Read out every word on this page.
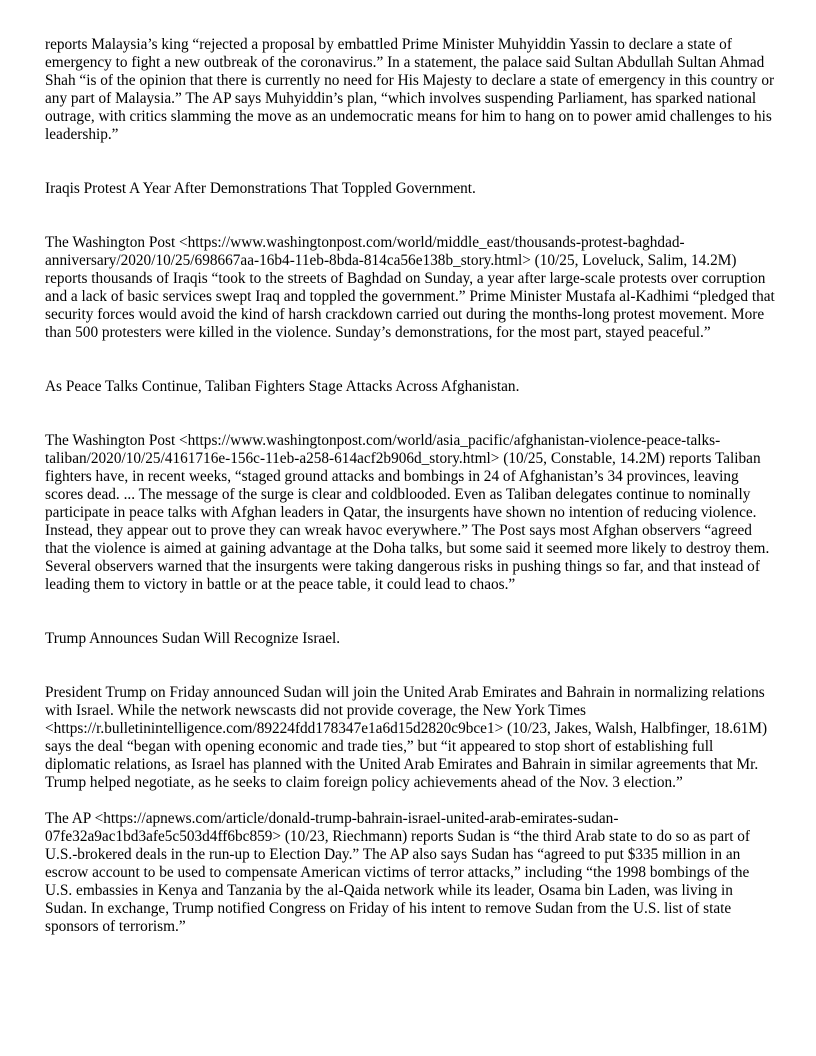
reports Malaysia’s king “rejected a proposal by embattled Prime Minister Muhyiddin Yassin to declare a state of emergency to fight a new outbreak of the coronavirus.” In a statement, the palace said Sultan Abdullah Sultan Ahmad Shah “is of the opinion that there is currently no need for His Majesty to declare a state of emergency in this country or any part of Malaysia.” The AP says Muhyiddin’s plan, “which involves suspending Parliament, has sparked national outrage, with critics slamming the move as an undemocratic means for him to hang on to power amid challenges to his leadership.”

Iraqis Protest A Year After Demonstrations That Toppled Government.

The Washington Post <https://www.washingtonpost.com/world/middle_east/thousands-protest-baghdad-anniversary/2020/10/25/698667aa-16b4-11eb-8bda-814ca56e138b_story.html> (10/25, Loveluck, Salim, 14.2M) reports thousands of Iraqis “took to the streets of Baghdad on Sunday, a year after large-scale protests over corruption and a lack of basic services swept Iraq and toppled the government.” Prime Minister Mustafa al-Kadhimi “pledged that security forces would avoid the kind of harsh crackdown carried out during the months-long protest movement. More than 500 protesters were killed in the violence. Sunday’s demonstrations, for the most part, stayed peaceful.”

As Peace Talks Continue, Taliban Fighters Stage Attacks Across Afghanistan.

The Washington Post <https://www.washingtonpost.com/world/asia_pacific/afghanistan-violence-peace-talks-taliban/2020/10/25/4161716e-156c-11eb-a258-614acf2b906d_story.html> (10/25, Constable, 14.2M) reports Taliban fighters have, in recent weeks, “staged ground attacks and bombings in 24 of Afghanistan’s 34 provinces, leaving scores dead. ... The message of the surge is clear and coldblooded. Even as Taliban delegates continue to nominally participate in peace talks with Afghan leaders in Qatar, the insurgents have shown no intention of reducing violence. Instead, they appear out to prove they can wreak havoc everywhere.” The Post says most Afghan observers “agreed that the violence is aimed at gaining advantage at the Doha talks, but some said it seemed more likely to destroy them. Several observers warned that the insurgents were taking dangerous risks in pushing things so far, and that instead of leading them to victory in battle or at the peace table, it could lead to chaos.”

Trump Announces Sudan Will Recognize Israel.

President Trump on Friday announced Sudan will join the United Arab Emirates and Bahrain in normalizing relations with Israel. While the network newscasts did not provide coverage, the New York Times <https://r.bulletinintelligence.com/89224fdd178347e1a6d15d2820c9bce1> (10/23, Jakes, Walsh, Halbfinger, 18.61M) says the deal “began with opening economic and trade ties,” but “it appeared to stop short of establishing full diplomatic relations, as Israel has planned with the United Arab Emirates and Bahrain in similar agreements that Mr. Trump helped negotiate, as he seeks to claim foreign policy achievements ahead of the Nov. 3 election.”

The AP <https://apnews.com/article/donald-trump-bahrain-israel-united-arab-emirates-sudan-07fe32a9ac1bd3afe5c503d4ff6bc859> (10/23, Riechmann) reports Sudan is “the third Arab state to do so as part of U.S.-brokered deals in the run-up to Election Day.” The AP also says Sudan has “agreed to put $335 million in an escrow account to be used to compensate American victims of terror attacks,” including “the 1998 bombings of the U.S. embassies in Kenya and Tanzania by the al-Qaida network while its leader, Osama bin Laden, was living in Sudan. In exchange, Trump notified Congress on Friday of his intent to remove Sudan from the U.S. list of state sponsors of terrorism.”
